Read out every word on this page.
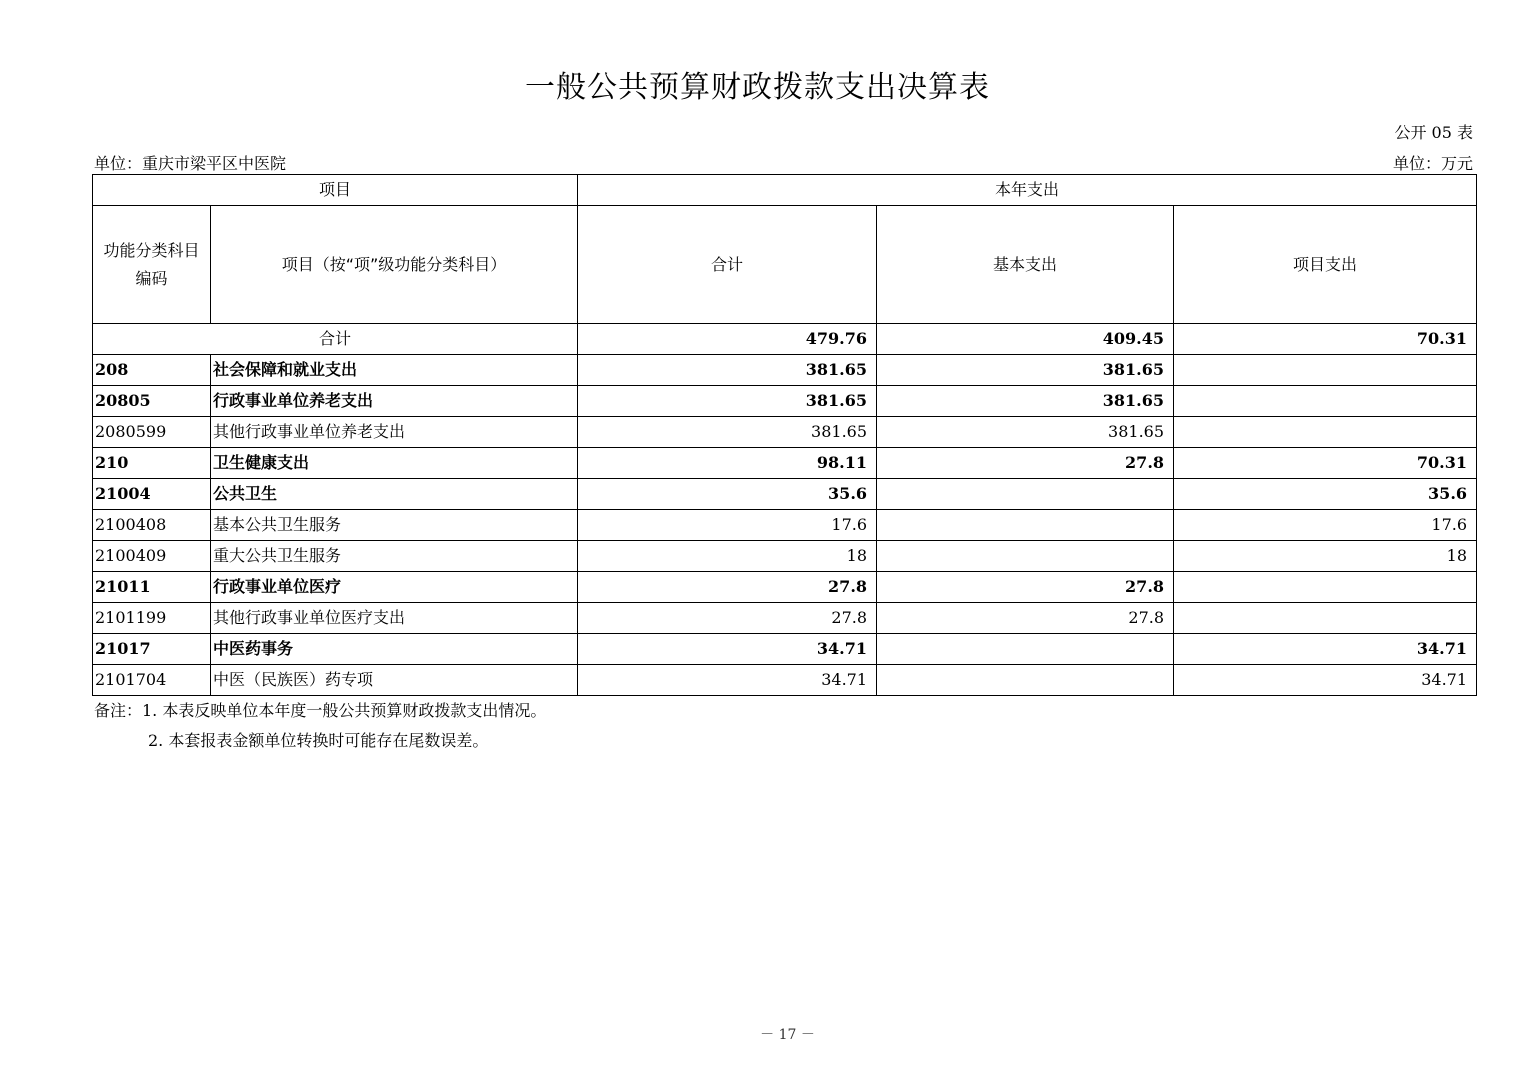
一般公共预算财政拨款支出决算表
公开 05 表
单位：重庆市梁平区中医院	单位：万元
项目		本年支出		
功能分类科目编码	项目（按“项”级功能分类科目）	合计	基本支出	项目支出
合计		479.76	409.45	70.31
208	社会保障和就业支出	381.65	381.65	
20805	行政事业单位养老支出	381.65	381.65	
2080599	其他行政事业单位养老支出	381.65	381.65	
210	卫生健康支出	98.11	27.8	70.31
21004	公共卫生	35.6		35.6
2100408	基本公共卫生服务	17.6		17.6
2100409	重大公共卫生服务	18		18
21011	行政事业单位医疗	27.8	27.8	
2101199	其他行政事业单位医疗支出	27.8	27.8	
21017	中医药事务	34.71		34.71
2101704	中医（民族医）药专项	34.71		34.71
备注：1. 本表反映单位本年度一般公共预算财政拨款支出情况。
2. 本套报表金额单位转换时可能存在尾数误差。
－ 17 －
